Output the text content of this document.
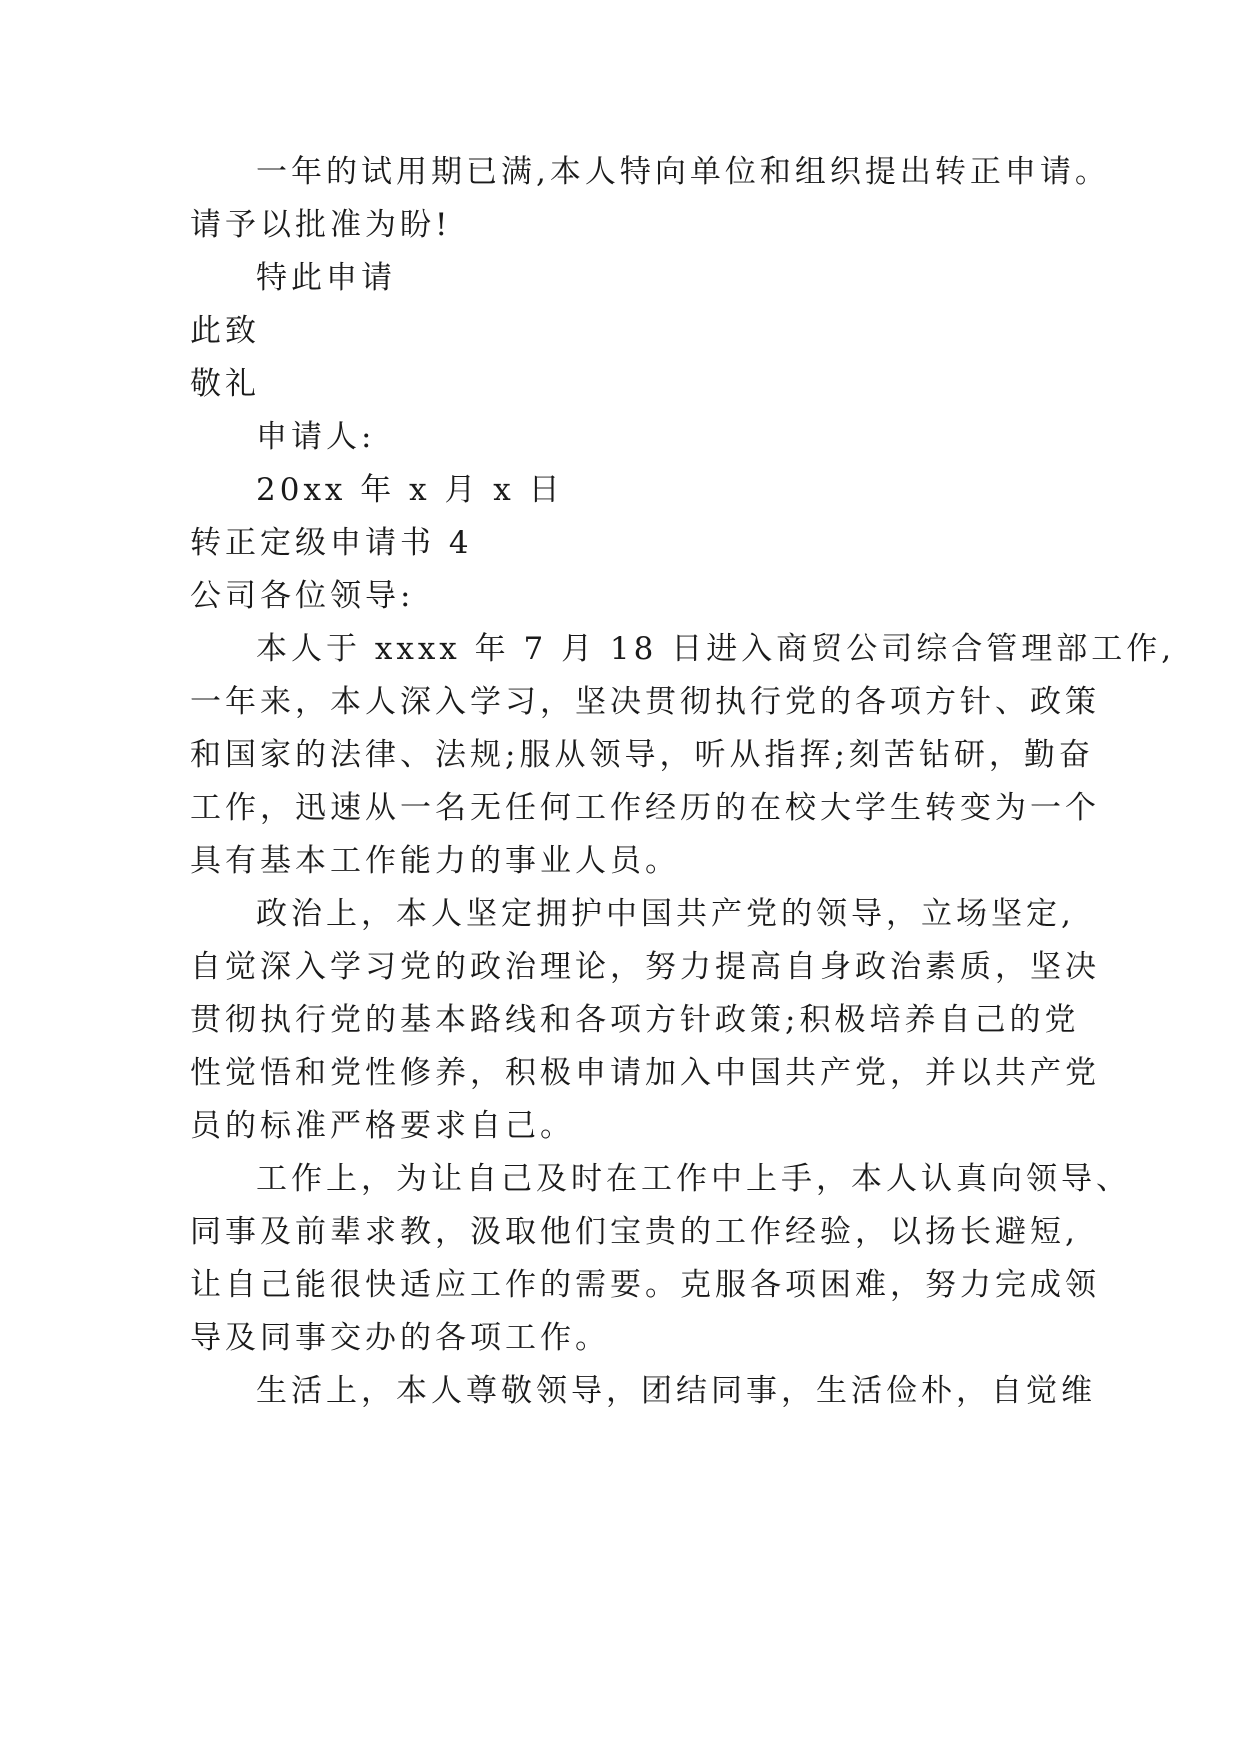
一年的试用期已满,本人特向单位和组织提出转正申请。
请予以批准为盼!
特此申请
此致
敬礼
申请人:
20xx 年 x 月 x 日
转正定级申请书 4
公司各位领导:
本人于 xxxx 年 7 月 18 日进入商贸公司综合管理部工作,
一年来，本人深入学习，坚决贯彻执行党的各项方针、政策
和国家的法律、法规;服从领导，听从指挥;刻苦钻研，勤奋
工作，迅速从一名无任何工作经历的在校大学生转变为一个
具有基本工作能力的事业人员。
政治上，本人坚定拥护中国共产党的领导，立场坚定,
自觉深入学习党的政治理论，努力提高自身政治素质，坚决
贯彻执行党的基本路线和各项方针政策;积极培养自己的党
性觉悟和党性修养，积极申请加入中国共产党，并以共产党
员的标准严格要求自己。
工作上，为让自己及时在工作中上手，本人认真向领导、
同事及前辈求教，汲取他们宝贵的工作经验，以扬长避短,
让自己能很快适应工作的需要。克服各项困难，努力完成领
导及同事交办的各项工作。
生活上，本人尊敬领导，团结同事，生活俭朴，自觉维
